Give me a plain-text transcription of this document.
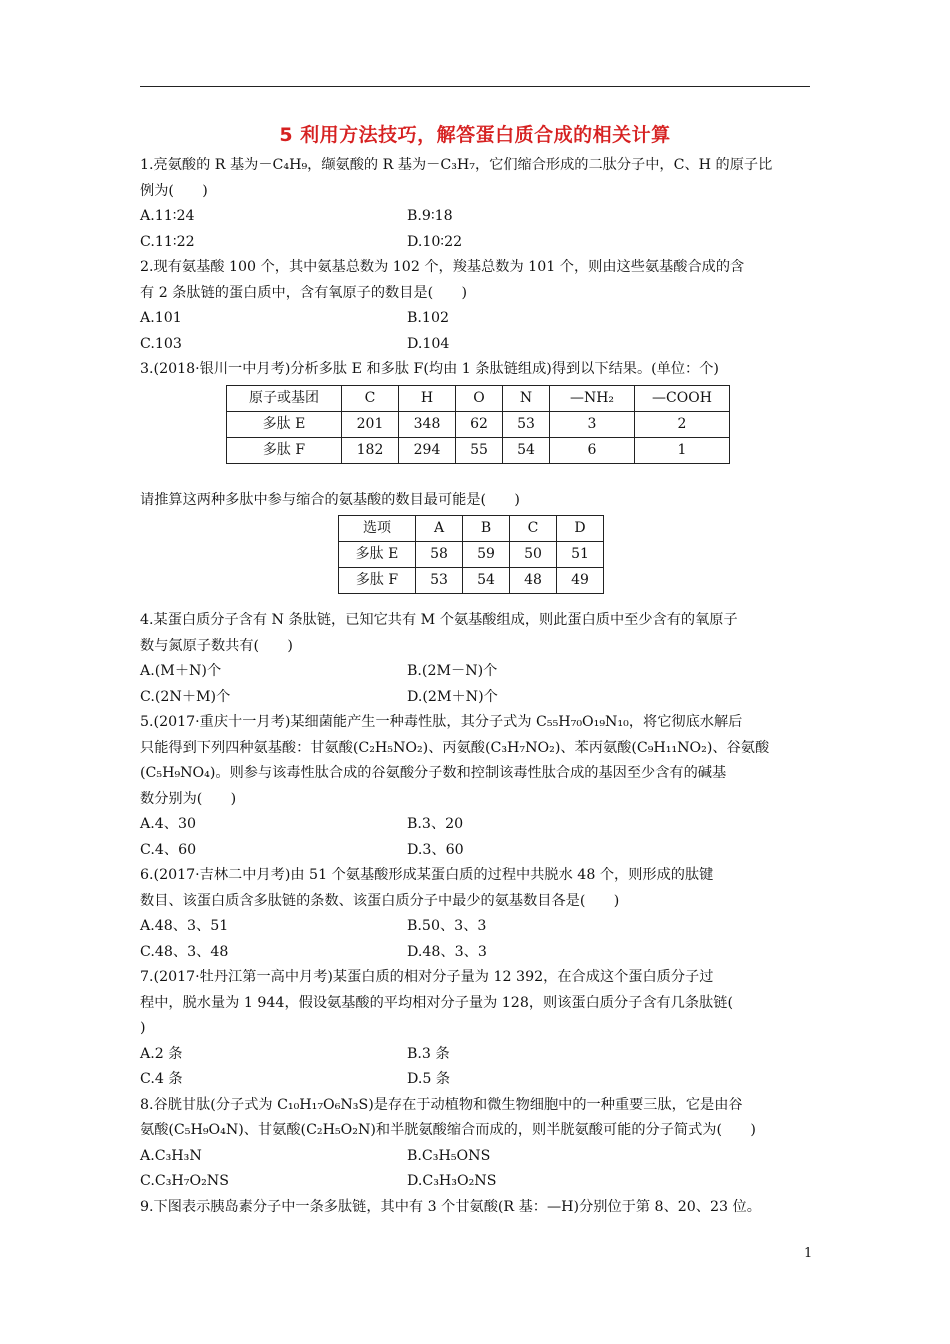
5 利用方法技巧，解答蛋白质合成的相关计算

1.亮氨酸的 R 基为－C₄H₉，缬氨酸的 R 基为－C₃H₇，它们缩合形成的二肽分子中，C、H 的原子比

例为(　　)

A.11∶24	B.9∶18
C.11∶22	D.10∶22

2.现有氨基酸 100 个，其中氨基总数为 102 个，羧基总数为 101 个，则由这些氨基酸合成的含

有 2 条肽链的蛋白质中，含有氧原子的数目是(　　)

A.101	B.102
C.103	D.104

3.(2018·银川一中月考)分析多肽 E 和多肽 F(均由 1 条肽链组成)得到以下结果。(单位：个)

原子或基团	C	H	O	N	—NH₂	—COOH
多肽 E	201	348	62	53	3	2
多肽 F	182	294	55	54	6	1

请推算这两种多肽中参与缩合的氨基酸的数目最可能是(　　)

选项	A	B	C	D
多肽 E	58	59	50	51
多肽 F	53	54	48	49

4.某蛋白质分子含有 N 条肽链，已知它共有 M 个氨基酸组成，则此蛋白质中至少含有的氧原子

数与氮原子数共有(　　)

A.(M＋N)个	B.(2M－N)个
C.(2N＋M)个	D.(2M＋N)个

5.(2017·重庆十一月考)某细菌能产生一种毒性肽，其分子式为 C₅₅H₇₀O₁₉N₁₀，将它彻底水解后

只能得到下列四种氨基酸：甘氨酸(C₂H₅NO₂)、丙氨酸(C₃H₇NO₂)、苯丙氨酸(C₉H₁₁NO₂)、谷氨酸

(C₅H₉NO₄)。则参与该毒性肽合成的谷氨酸分子数和控制该毒性肽合成的基因至少含有的碱基

数分别为(　　)

A.4、30	B.3、20
C.4、60	D.3、60

6.(2017·吉林二中月考)由 51 个氨基酸形成某蛋白质的过程中共脱水 48 个，则形成的肽键

数目、该蛋白质含多肽链的条数、该蛋白质分子中最少的氨基数目各是(　　)

A.48、3、51	B.50、3、3
C.48、3、48	D.48、3、3

7.(2017·牡丹江第一高中月考)某蛋白质的相对分子量为 12 392，在合成这个蛋白质分子过

程中，脱水量为 1 944，假设氨基酸的平均相对分子量为 128，则该蛋白质分子含有几条肽链(

)

A.2 条	B.3 条
C.4 条	D.5 条

8.谷胱甘肽(分子式为 C₁₀H₁₇O₆N₃S)是存在于动植物和微生物细胞中的一种重要三肽，它是由谷

氨酸(C₅H₉O₄N)、甘氨酸(C₂H₅O₂N)和半胱氨酸缩合而成的，则半胱氨酸可能的分子简式为(　　)

A.C₃H₃N	B.C₃H₅ONS
C.C₃H₇O₂NS	D.C₃H₃O₂NS

9.下图表示胰岛素分子中一条多肽链，其中有 3 个甘氨酸(R 基：—H)分别位于第 8、20、23 位。

1
